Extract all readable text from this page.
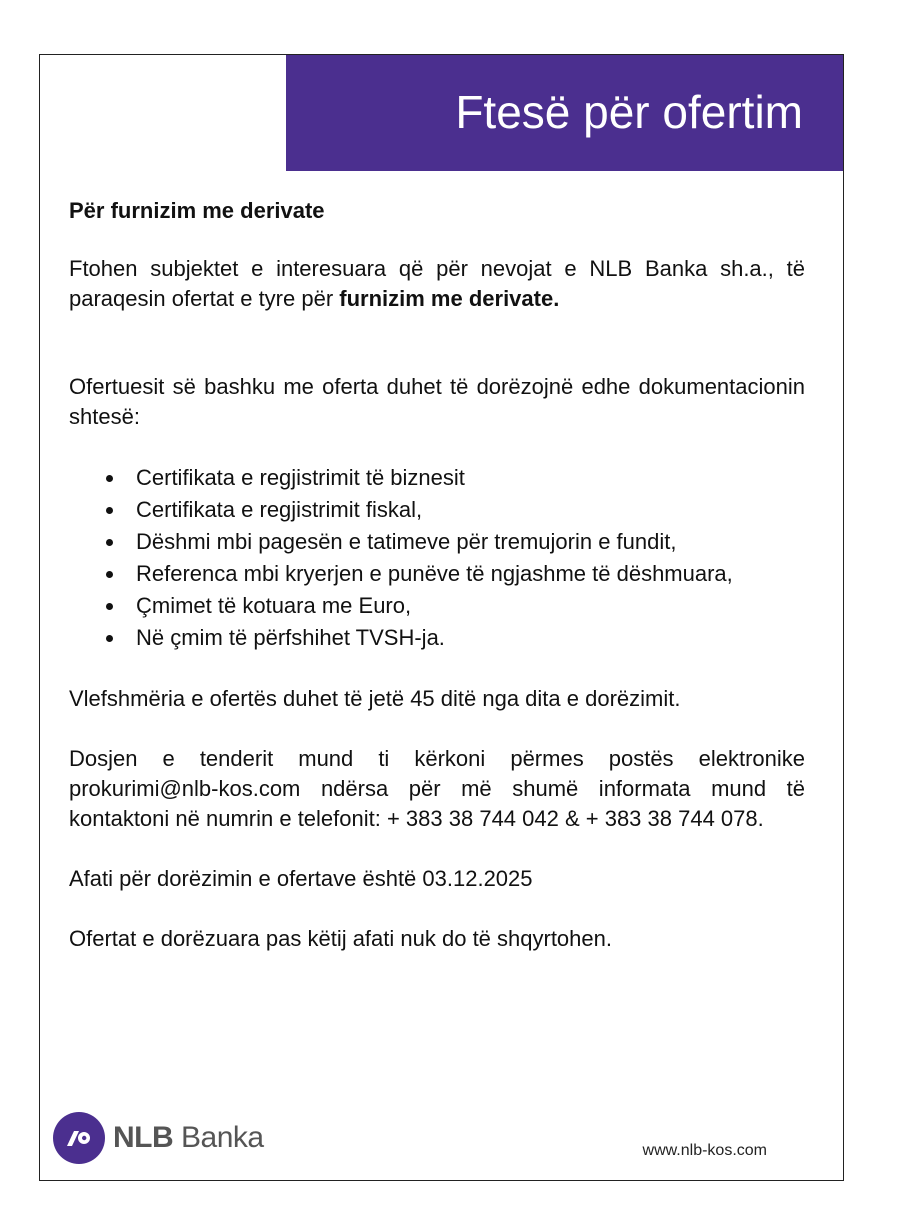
Ftesë për ofertim

Për furnizim me derivate

Ftohen subjektet e interesuara që për nevojat e NLB Banka sh.a., të paraqesin ofertat e tyre për furnizim me derivate.

Ofertuesit së bashku me oferta duhet të dorëzojnë edhe dokumentacionin shtesë:

Certifikata e regjistrimit të biznesit
Certifikata e regjistrimit fiskal,
Dëshmi mbi pagesën e tatimeve për tremujorin e fundit,
Referenca mbi kryerjen e punëve të ngjashme të dëshmuara,
Çmimet të kotuara me Euro,
Në çmim të përfshihet TVSH-ja.

Vlefshmëria e ofertës duhet të jetë 45 ditë nga dita e dorëzimit.

Dosjen e tenderit mund ti kërkoni përmes postës elektronike prokurimi@nlb-kos.com ndërsa për më shumë informata mund të kontaktoni në numrin e telefonit: + 383 38 744 042 & + 383 38 744 078.

Afati për dorëzimin e ofertave është 03.12.2025

Ofertat e dorëzuara pas këtij afati nuk do të shqyrtohen.

NLB Banka	www.nlb-kos.com
